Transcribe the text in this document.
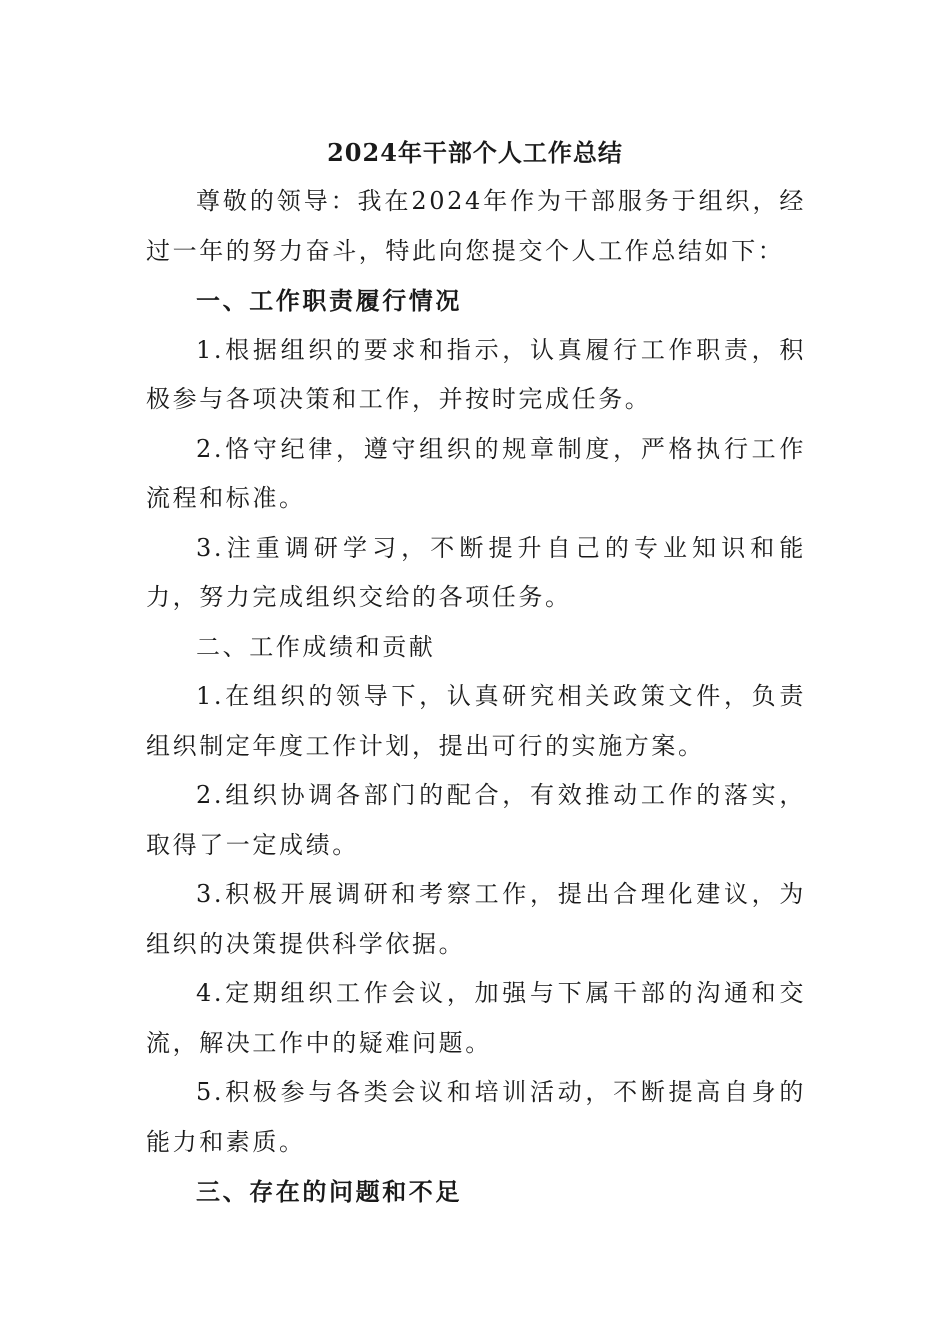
2024年干部个人工作总结

尊敬的领导：我在2024年作为干部服务于组织，经过一年的努力奋斗，特此向您提交个人工作总结如下：

一、工作职责履行情况

1.根据组织的要求和指示，认真履行工作职责，积极参与各项决策和工作，并按时完成任务。

2.恪守纪律，遵守组织的规章制度，严格执行工作流程和标准。

3.注重调研学习，不断提升自己的专业知识和能力，努力完成组织交给的各项任务。

二、工作成绩和贡献

1.在组织的领导下，认真研究相关政策文件，负责组织制定年度工作计划，提出可行的实施方案。

2.组织协调各部门的配合，有效推动工作的落实，取得了一定成绩。

3.积极开展调研和考察工作，提出合理化建议，为组织的决策提供科学依据。

4.定期组织工作会议，加强与下属干部的沟通和交流，解决工作中的疑难问题。

5.积极参与各类会议和培训活动，不断提高自身的能力和素质。

三、存在的问题和不足
